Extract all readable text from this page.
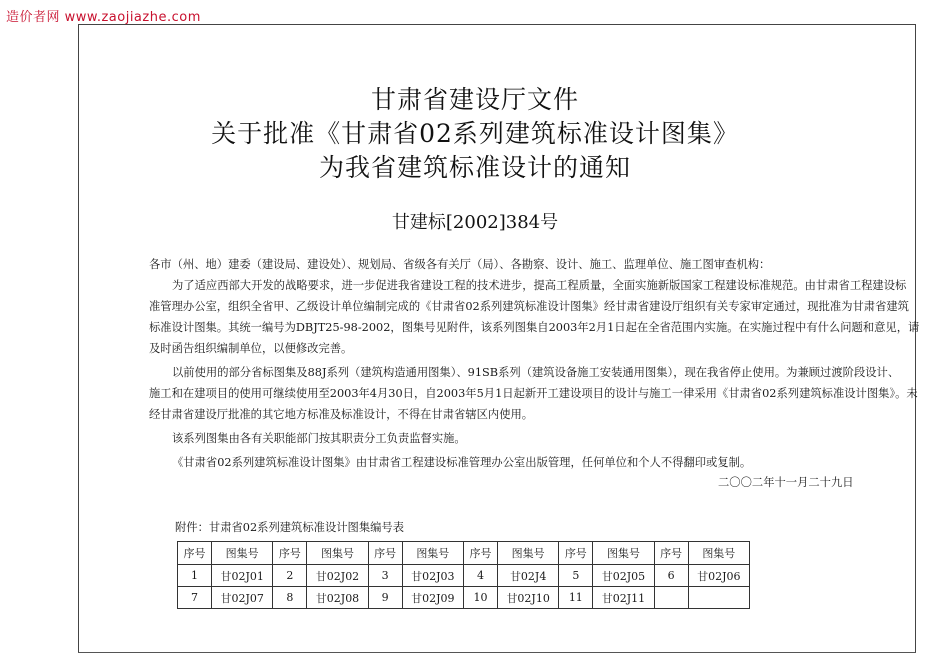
造价者网 www.zaojiazhe.com
甘肃省建设厅文件
关于批准《甘肃省02系列建筑标准设计图集》
为我省建筑标准设计的通知
甘建标[2002]384号
各市（州、地）建委（建设局、建设处）、规划局、省级各有关厅（局）、各勘察、设计、施工、监理单位、施工图审查机构：
为了适应西部大开发的战略要求，进一步促进我省建设工程的技术进步，提高工程质量，全面实施新版国家工程建设标准规范。由甘肃省工程建设标
准管理办公室，组织全省甲、乙级设计单位编制完成的《甘肃省02系列建筑标准设计图集》经甘肃省建设厅组织有关专家审定通过，现批准为甘肃省建筑
标准设计图集。其统一编号为DBJT25-98-2002，图集号见附件，该系列图集自2003年2月1日起在全省范围内实施。在实施过程中有什么问题和意见，请
及时函告组织编制单位，以便修改完善。
以前使用的部分省标图集及88J系列（建筑构造通用图集）、91SB系列（建筑设备施工安装通用图集），现在我省停止使用。为兼顾过渡阶段设计、
施工和在建项目的使用可继续使用至2003年4月30日，自2003年5月1日起新开工建设项目的设计与施工一律采用《甘肃省02系列建筑标准设计图集》。未
经甘肃省建设厅批准的其它地方标准及标准设计，不得在甘肃省辖区内使用。
该系列图集由各有关职能部门按其职责分工负责监督实施。
《甘肃省02系列建筑标准设计图集》由甘肃省工程建设标准管理办公室出版管理，任何单位和个人不得翻印或复制。
二〇〇二年十一月二十九日
附件：甘肃省02系列建筑标准设计图集编号表
序号	图集号	序号	图集号	序号	图集号	序号	图集号	序号	图集号	序号	图集号
1	甘02J01	2	甘02J02	3	甘02J03	4	甘02J4	5	甘02J05	6	甘02J06
7	甘02J07	8	甘02J08	9	甘02J09	10	甘02J10	11	甘02J11		
